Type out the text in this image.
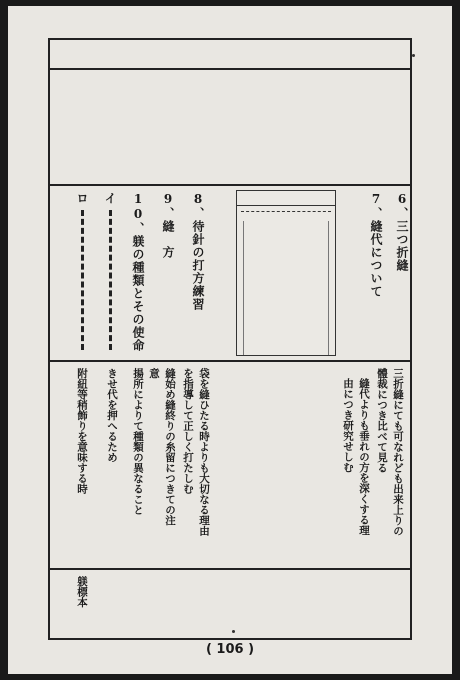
6、三つ折縫
7、縫代について
8、待針の打方練習
9、縫　方
10、躾の種類とその使命
イ
ロ
三折縫にても可なれども出来上りの
體裁につき比べて見る
縫代よりも垂れの方を深くする理
由につき研究せしむ
袋を縫ひたる時よりも大切なる理由
を指導して正しく打たしむ
縫始め縫終りの糸留につきての注
意
揚所によりて種類の異なること
きせ代を押へるため
附紐等稍飾りを意味する時
躾標本
( 106 )
